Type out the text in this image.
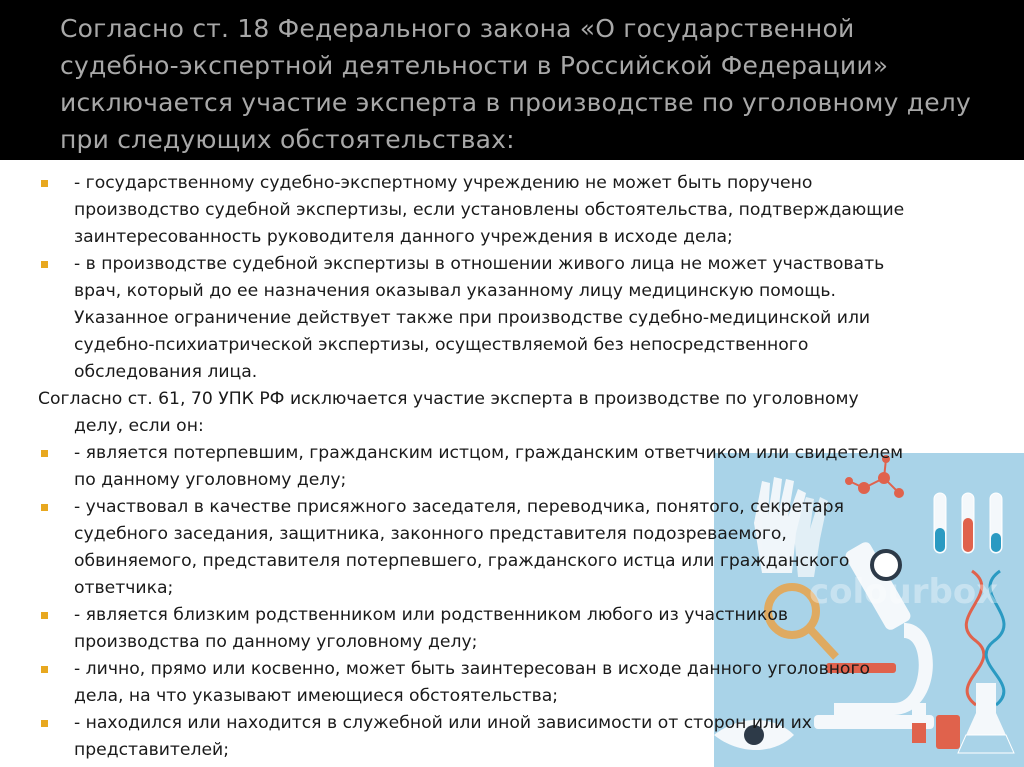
Согласно ст. 18 Федерального закона «О государственной
судебно-экспертной деятельности в Российской Федерации»
исключается участие эксперта в производстве по уголовному делу
при следующих обстоятельствах:
colourbox
- государственному судебно-экспертному учреждению не может быть поручено
производство судебной экспертизы, если установлены обстоятельства, подтверждающие
заинтересованность руководителя данного учреждения в исходе дела;
- в производстве судебной экспертизы в отношении живого лица не может участвовать
врач, который до ее назначения оказывал указанному лицу медицинскую помощь.
Указанное ограничение действует также при производстве судебно-медицинской или
судебно-психиатрической экспертизы, осуществляемой без непосредственного
обследования лица.
Согласно ст. 61, 70 УПК РФ исключается участие эксперта в производстве по уголовному
делу, если он:
- является потерпевшим, гражданским истцом, гражданским ответчиком или свидетелем
по данному уголовному делу;
- участвовал в качестве присяжного заседателя, переводчика, понятого, секретаря
судебного заседания, защитника, законного представителя подозреваемого,
обвиняемого, представителя потерпевшего, гражданского истца или гражданского
ответчика;
- является близким родственником или родственником любого из участников
производства по данному уголовному делу;
- лично, прямо или косвенно, может быть заинтересован в исходе данного уголовного
дела, на что указывают имеющиеся обстоятельства;
- находился или находится в служебной или иной зависимости от сторон или их
представителей;
